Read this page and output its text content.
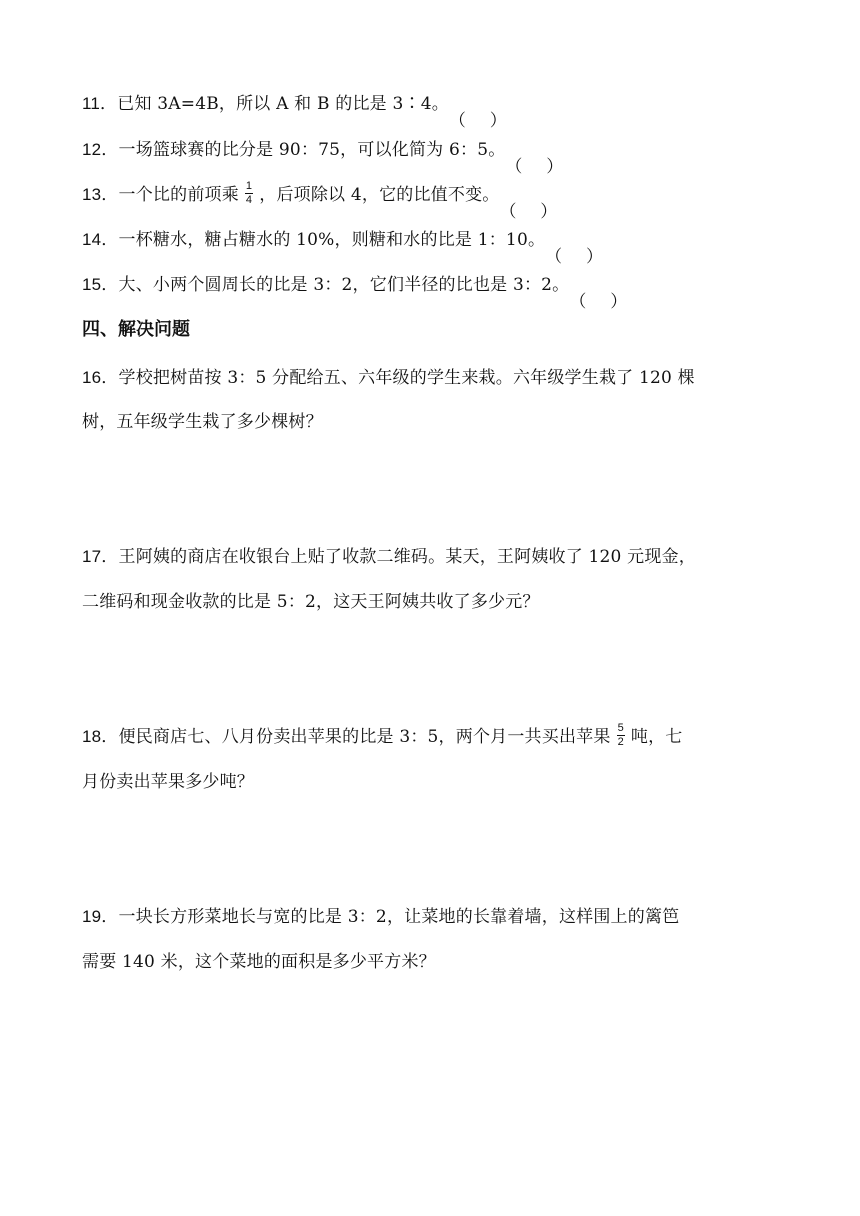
11．已知 3A=4B，所以 A 和 B 的比是 3∶4。
（ ）
12．一场篮球赛的比分是 90：75，可以化简为 6：5。
（ ）
13．一个比的前项乘 $\frac{1}{4}$ ，后项除以 4，它的比值不变。
（ ）
14．一杯糖水，糖占糖水的 10%，则糖和水的比是 1：10。
（ ）
15．大、小两个圆周长的比是 3：2，它们半径的比也是 3：2。
（ ）
四、解决问题
16．学校把树苗按 3：5 分配给五、六年级的学生来栽。六年级学生栽了 120 棵
树，五年级学生栽了多少棵树？
17．王阿姨的商店在收银台上贴了收款二维码。某天，王阿姨收了 120 元现金，
二维码和现金收款的比是 5：2，这天王阿姨共收了多少元？
18．便民商店七、八月份卖出苹果的比是 3：5，两个月一共买出苹果 $\frac{5}{2}$ 吨，七
月份卖出苹果多少吨？
19．一块长方形菜地长与宽的比是 3：2，让菜地的长靠着墙，这样围上的篱笆
需要 140 米，这个菜地的面积是多少平方米？
